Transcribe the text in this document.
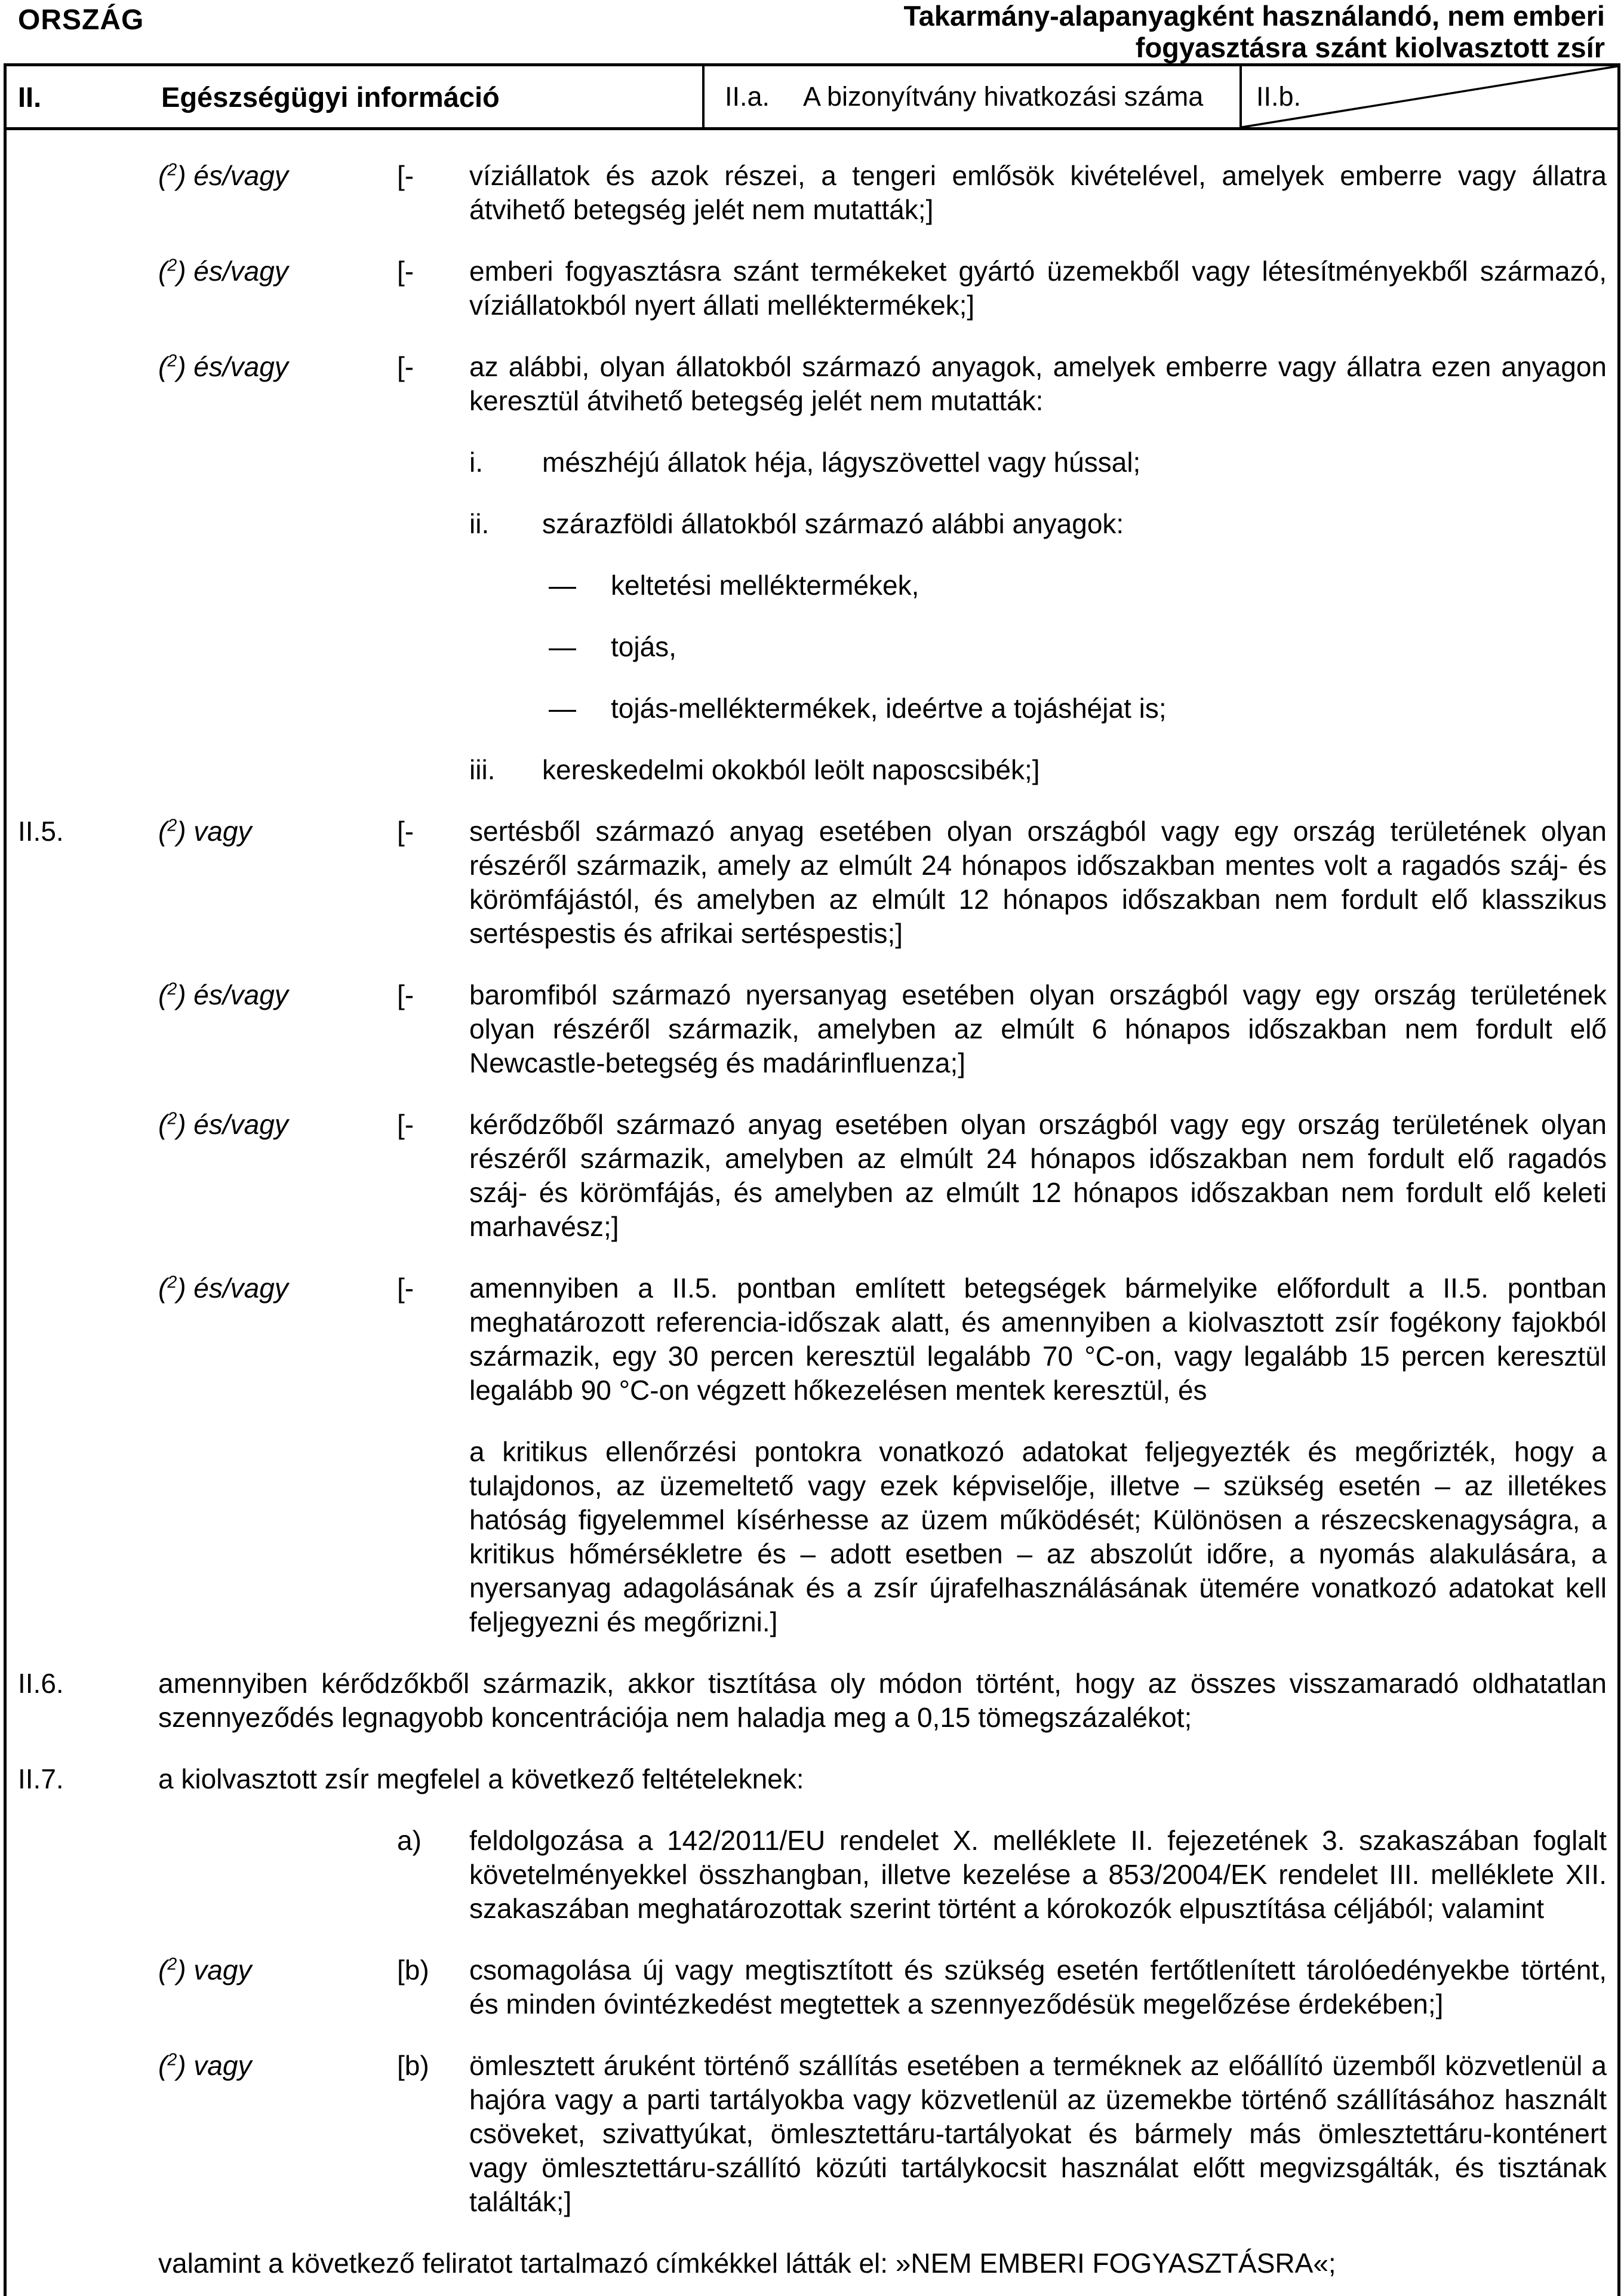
ORSZÁG	Takarmány-alapanyagként használandó, nem emberi
fogyasztásra szánt kiolvasztott zsír
II.	Egészségügyi információ	II.a.	A bizonyítvány hivatkozási száma II.b.
($^2$) és/vagy	[-	víziállatok és azok részei, a tengeri emlősök kivételével, amelyek emberre vagy állatra átvihető betegség jelét nem mutatták;]
($^2$) és/vagy	[-	emberi fogyasztásra szánt termékeket gyártó üzemekből vagy létesítményekből származó, víziállatokból nyert állati melléktermékek;]
($^2$) és/vagy	[-	az alábbi, olyan állatokból származó anyagok, amelyek emberre vagy állatra ezen anyagon keresztül átvihető betegség jelét nem mutatták:
i. mészhéjú állatok héja, lágyszövettel vagy hússal;
ii. szárazföldi állatokból származó alábbi anyagok:
— keltetési melléktermékek,
— tojás,
— tojás-melléktermékek, ideértve a tojáshéjat is;
iii. kereskedelmi okokból leölt naposcsibék;]
II.5.	($^2$) vagy	[-	sertésből származó anyag esetében olyan országból vagy egy ország területének olyan részéről származik, amely az elmúlt 24 hónapos időszakban mentes volt a ragadós száj- és körömfájástól, és amelyben az elmúlt 12 hónapos időszakban nem fordult elő klasszikus sertéspestis és afrikai sertéspestis;]
($^2$) és/vagy	[-	baromfiból származó nyersanyag esetében olyan országból vagy egy ország területének olyan részéről származik, amelyben az elmúlt 6 hónapos időszakban nem fordult elő Newcastle-betegség és madárinfluenza;]
($^2$) és/vagy	[-	kérődzőből származó anyag esetében olyan országból vagy egy ország területének olyan részéről származik, amelyben az elmúlt 24 hónapos időszakban nem fordult elő ragadós száj- és körömfájás, és amelyben az elmúlt 12 hónapos időszakban nem fordult elő keleti marhavész;]
($^2$) és/vagy	[-	amennyiben a II.5. pontban említett betegségek bármelyike előfordult a II.5. pontban meghatározott referencia-időszak alatt, és amennyiben a kiolvasztott zsír fogékony fajokból származik, egy 30 percen keresztül legalább 70 °C-on, vagy legalább 15 percen keresztül legalább 90 °C-on végzett hőkezelésen mentek keresztül, és
a kritikus ellenőrzési pontokra vonatkozó adatokat feljegyezték és megőrizték, hogy a tulajdonos, az üzemeltető vagy ezek képviselője, illetve – szükség esetén – az illetékes hatóság figyelemmel kísérhesse az üzem működését; Különösen a részecskenagyságra, a kritikus hőmérsékletre és – adott esetben – az abszolút időre, a nyomás alakulására, a nyersanyag adagolásának és a zsír újrafelhasználásának ütemére vonatkozó adatokat kell feljegyezni és megőrizni.]
II.6.	amennyiben kérődzőkből származik, akkor tisztítása oly módon történt, hogy az összes visszamaradó oldhatatlan szennyeződés legnagyobb koncentrációja nem haladja meg a 0,15 tömegszázalékot;
II.7.	a kiolvasztott zsír megfelel a következő feltételeknek:
a)	feldolgozása a 142/2011/EU rendelet X. melléklete II. fejezetének 3. szakaszában foglalt követelményekkel összhangban, illetve kezelése a 853/2004/EK rendelet III. melléklete XII. szakaszában meghatározottak szerint történt a kórokozók elpusztítása céljából; valamint
($^2$) vagy	[b)	csomagolása új vagy megtisztított és szükség esetén fertőtlenített tárolóedényekbe történt, és minden óvintézkedést megtettek a szennyeződésük megelőzése érdekében;]
($^2$) vagy	[b)	ömlesztett áruként történő szállítás esetében a terméknek az előállító üzemből közvetlenül a hajóra vagy a parti tartályokba vagy közvetlenül az üzemekbe történő szállításához használt csöveket, szivattyúkat, ömlesztettáru-tartályokat és bármely más ömlesztettáru-konténert vagy ömlesztettáru-szállító közúti tartálykocsit használat előtt megvizsgálták, és tisztának találták;]
valamint a következő feliratot tartalmazó címkékkel látták el: »NEM EMBERI FOGYASZTÁSRA«;
